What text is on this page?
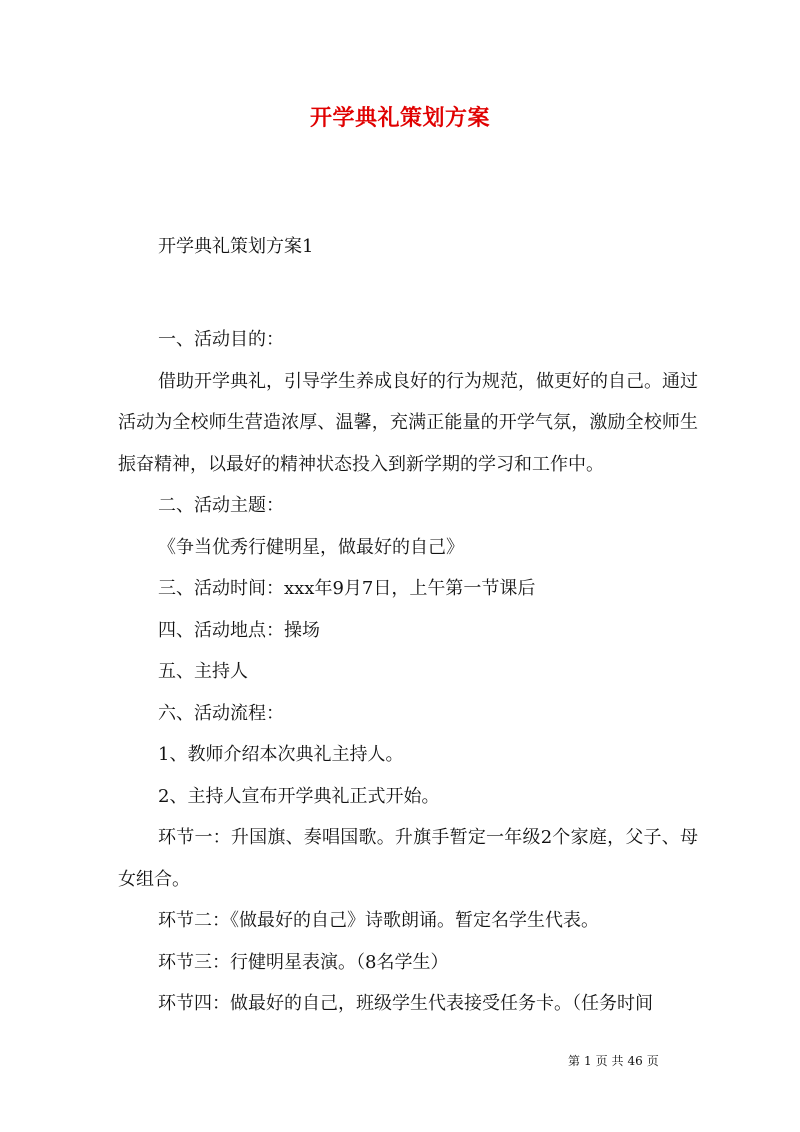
开学典礼策划方案
开学典礼策划方案1

一、活动目的：

借助开学典礼，引导学生养成良好的行为规范，做更好的自己。通过活动为全校师生营造浓厚、温馨，充满正能量的开学气氛，激励全校师生振奋精神，以最好的精神状态投入到新学期的学习和工作中。

二、活动主题：

《争当优秀行健明星，做最好的自己》

三、活动时间：xxx年9月7日，上午第一节课后

四、活动地点：操场

五、主持人

六、活动流程：

1、教师介绍本次典礼主持人。

2、主持人宣布开学典礼正式开始。

环节一：升国旗、奏唱国歌。升旗手暂定一年级2个家庭，父子、母女组合。

环节二：《做最好的自己》诗歌朗诵。暂定名学生代表。

环节三：行健明星表演。（8名学生）

环节四：做最好的自己，班级学生代表接受任务卡。（任务时间

第 1 页 共 46 页
